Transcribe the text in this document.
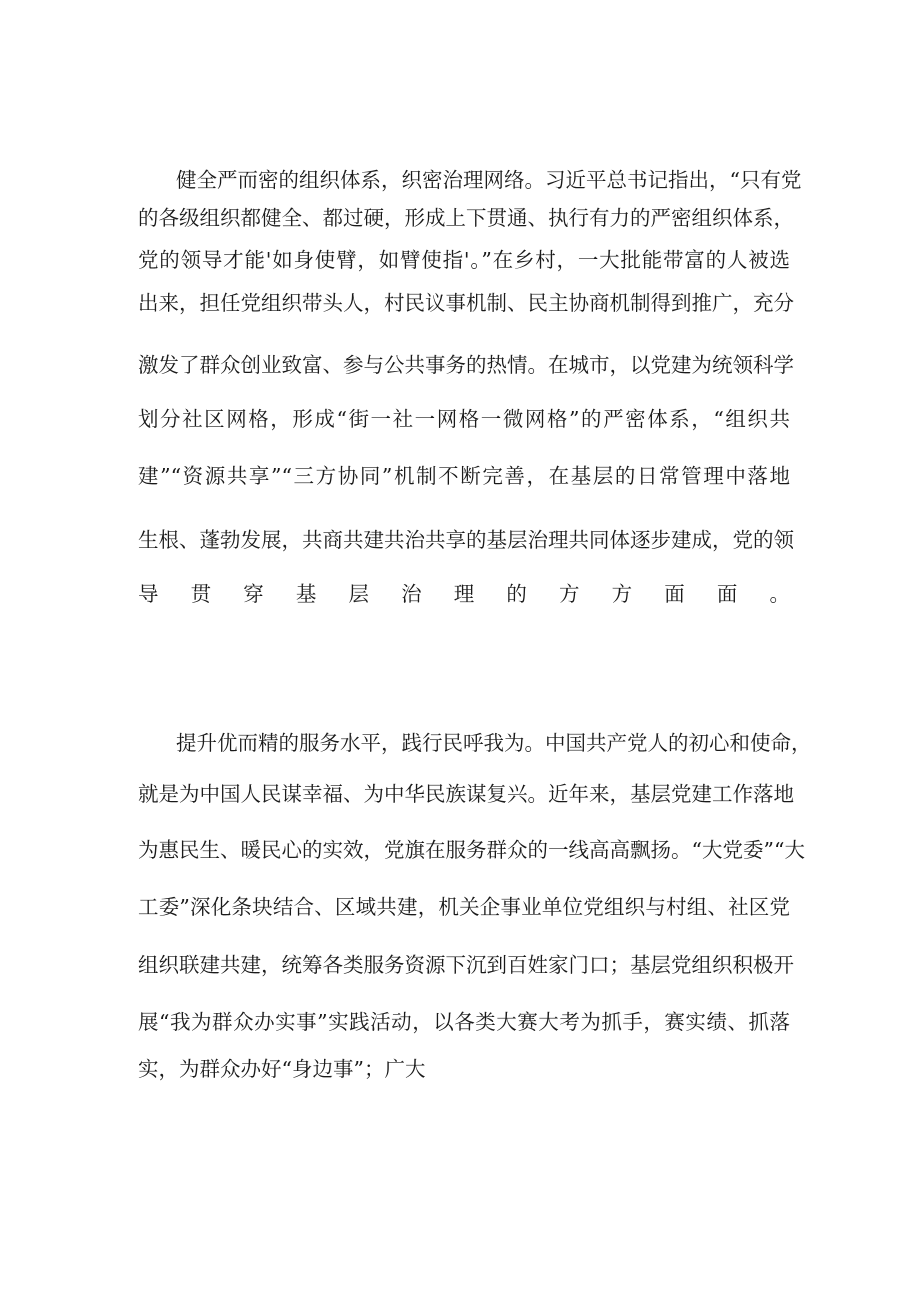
健全严而密的组织体系，织密治理网络。习近平总书记指出，“只有党
的各级组织都健全、都过硬，形成上下贯通、执行有力的严密组织体系，
党的领导才能'如身使臂，如臂使指'。”在乡村，一大批能带富的人被选
出来，担任党组织带头人，村民议事机制、民主协商机制得到推广，充分
激发了群众创业致富、参与公共事务的热情。在城市，以党建为统领科学
划分社区网格，形成“街一社一网格一微网格”的严密体系，“组织共
建”“资源共享”“三方协同”机制不断完善，在基层的日常管理中落地
生根、蓬勃发展，共商共建共治共享的基层治理共同体逐步建成，党的领
导贯穿基层治理的方方面面。
提升优而精的服务水平，践行民呼我为。中国共产党人的初心和使命，
就是为中国人民谋幸福、为中华民族谋复兴。近年来，基层党建工作落地
为惠民生、暖民心的实效，党旗在服务群众的一线高高飘扬。“大党委”“大
工委”深化条块结合、区域共建，机关企事业单位党组织与村组、社区党
组织联建共建，统筹各类服务资源下沉到百姓家门口；基层党组织积极开
展“我为群众办实事”实践活动，以各类大赛大考为抓手，赛实绩、抓落
实，为群众办好“身边事”；广大
